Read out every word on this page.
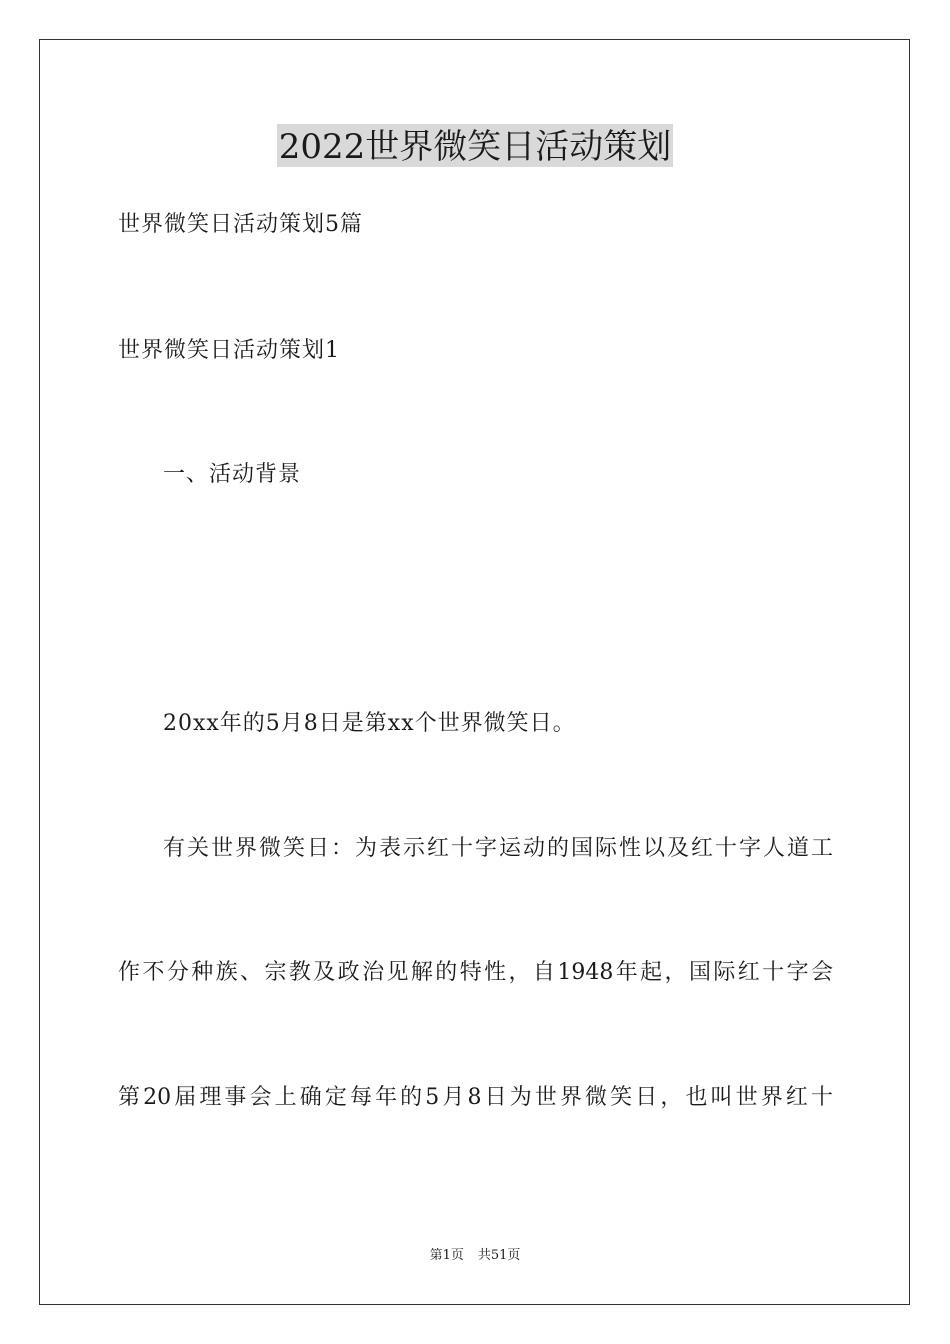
2022世界微笑日活动策划
世界微笑日活动策划5篇
世界微笑日活动策划1
一、活动背景
20xx年的5月8日是第xx个世界微笑日。
有关世界微笑日：为表示红十字运动的国际性以及红十字人道工
作不分种族、宗教及政治见解的特性，自1948年起，国际红十字会
第20届理事会上确定每年的5月8日为世界微笑日，也叫世界红十
第1页 共51页
